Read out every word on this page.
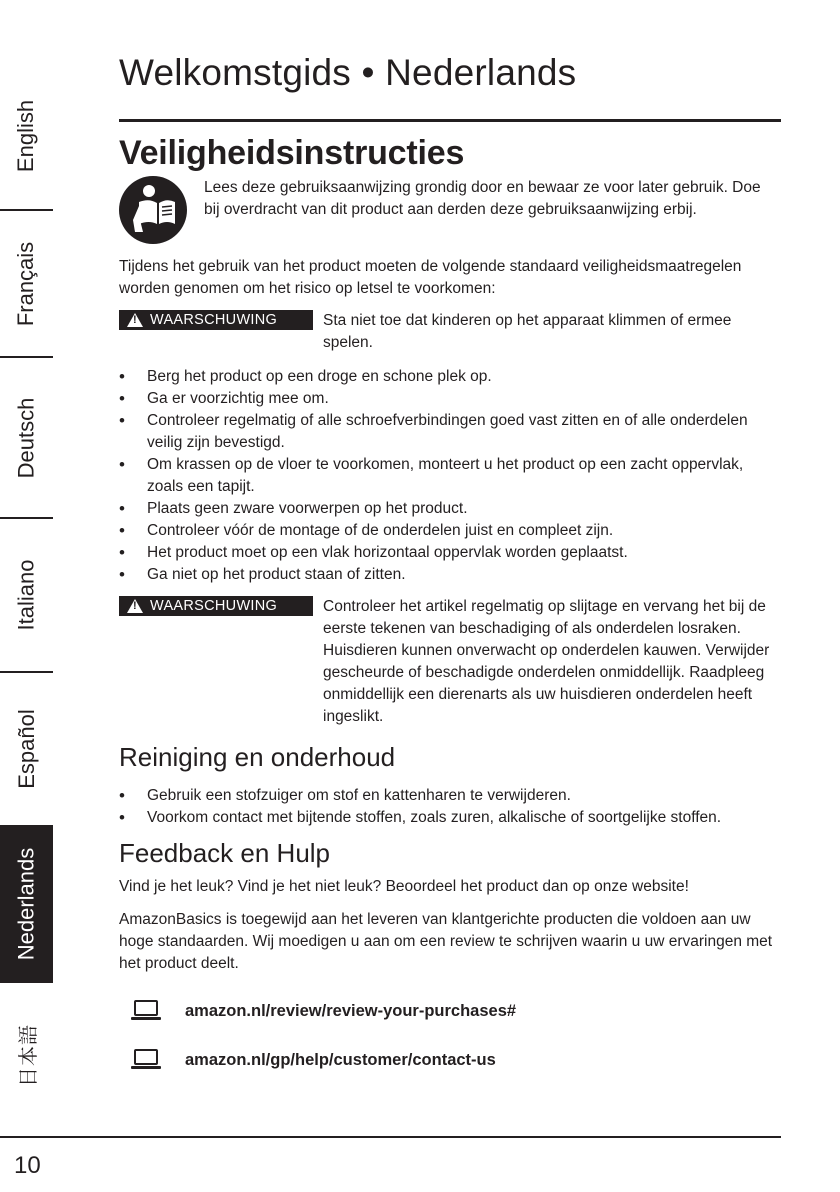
English
Français
Deutsch
Italiano
Español
Nederlands
日本語
Welkomstgids • Nederlands
Veiligheidsinstructies

Lees deze gebruiksaanwijzing grondig door en bewaar ze voor later gebruik. Doe bij overdracht van dit product aan derden deze gebruiksaanwijzing erbij.

Tijdens het gebruik van het product moeten de volgende standaard veiligheidsmaatregelen worden genomen om het risico op letsel te voorkomen:

!
WAARSCHUWING	Sta niet toe dat kinderen op het apparaat klimmen of ermee spelen.

• Berg het product op een droge en schone plek op.
• Ga er voorzichtig mee om.
• Controleer regelmatig of alle schroefverbindingen goed vast zitten en of alle onderdelen veilig zijn bevestigd.
• Om krassen op de vloer te voorkomen, monteert u het product op een zacht oppervlak, zoals een tapijt.
• Plaats geen zware voorwerpen op het product.
• Controleer vóór de montage of de onderdelen juist en compleet zijn.
• Het product moet op een vlak horizontaal oppervlak worden geplaatst.
• Ga niet op het product staan of zitten.
!
WAARSCHUWING	Controleer het artikel regelmatig op slijtage en vervang het bij de eerste tekenen van beschadiging of als onderdelen losraken. Huisdieren kunnen onverwacht op onderdelen kauwen. Verwijder gescheurde of beschadigde onderdelen onmiddellijk. Raadpleeg onmiddellijk een dierenarts als uw huisdieren onderdelen heeft ingeslikt.

Reiniging en onderhoud
• Gebruik een stofzuiger om stof en kattenharen te verwijderen.
• Voorkom contact met bijtende stoffen, zoals zuren, alkalische of soortgelijke stoffen.
Feedback en Hulp

Vind je het leuk? Vind je het niet leuk? Beoordeel het product dan op onze website!

AmazonBasics is toegewijd aan het leveren van klantgerichte producten die voldoen aan uw hoge standaarden. Wij moedigen u aan om een review te schrijven waarin u uw ervaringen met het product deelt.

amazon.nl/review/review-your-purchases#
amazon.nl/gp/help/customer/contact-us
10
